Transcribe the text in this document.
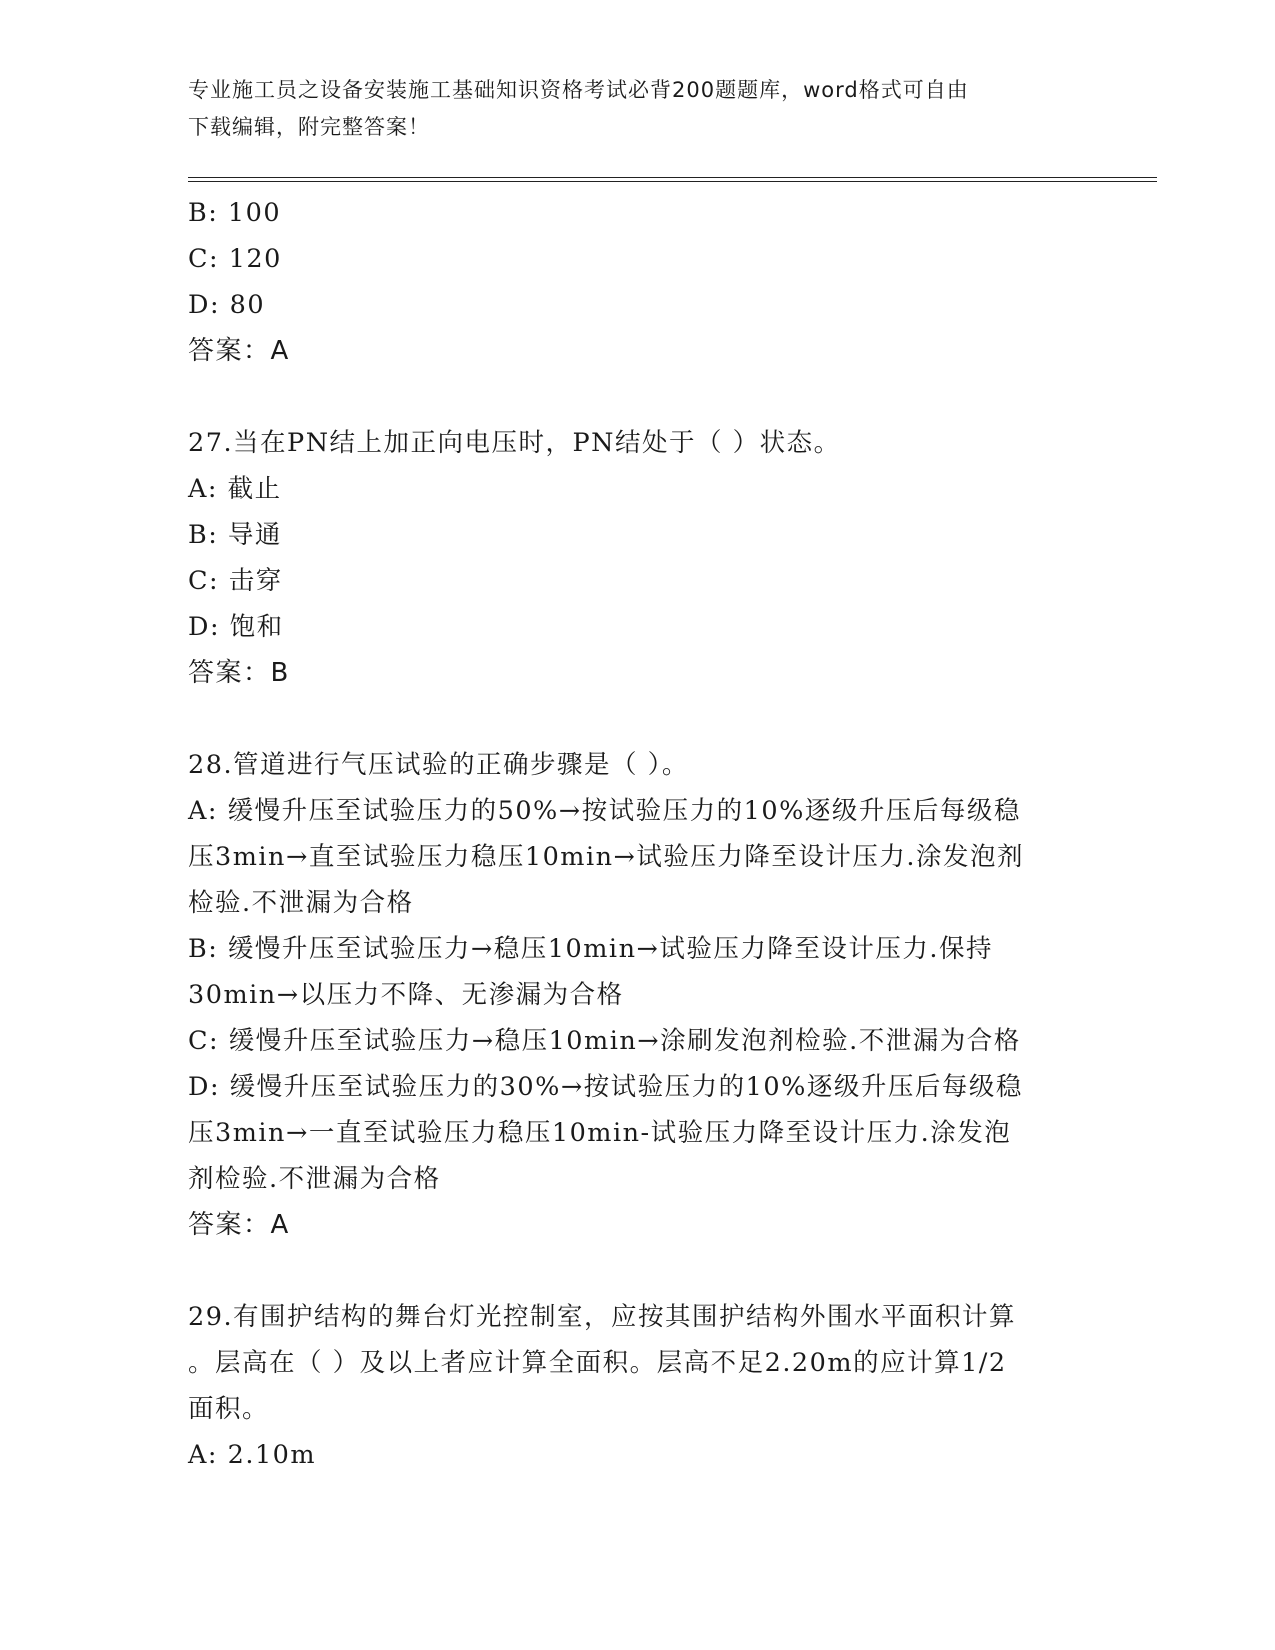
专业施工员之设备安装施工基础知识资格考试必背200题题库，word格式可自由
下载编辑，附完整答案！
B: 100
C: 120
D: 80
答案：A
27.当在PN结上加正向电压时，PN结处于（ ）状态。
A: 截止
B: 导通
C: 击穿
D: 饱和
答案：B
28.管道进行气压试验的正确步骤是（ ）。
A: 缓慢升压至试验压力的50%→按试验压力的10%逐级升压后每级稳
压3min→直至试验压力稳压10min→试验压力降至设计压力.涂发泡剂
检验.不泄漏为合格
B: 缓慢升压至试验压力→稳压10min→试验压力降至设计压力.保持
30min→以压力不降、无渗漏为合格
C: 缓慢升压至试验压力→稳压10min→涂刷发泡剂检验.不泄漏为合格
D: 缓慢升压至试验压力的30%→按试验压力的10%逐级升压后每级稳
压3min→一直至试验压力稳压10min-试验压力降至设计压力.涂发泡
剂检验.不泄漏为合格
答案：A
29.有围护结构的舞台灯光控制室，应按其围护结构外围水平面积计算
。层高在（ ）及以上者应计算全面积。层高不足2.20m的应计算1/2
面积。
A: 2.10m
